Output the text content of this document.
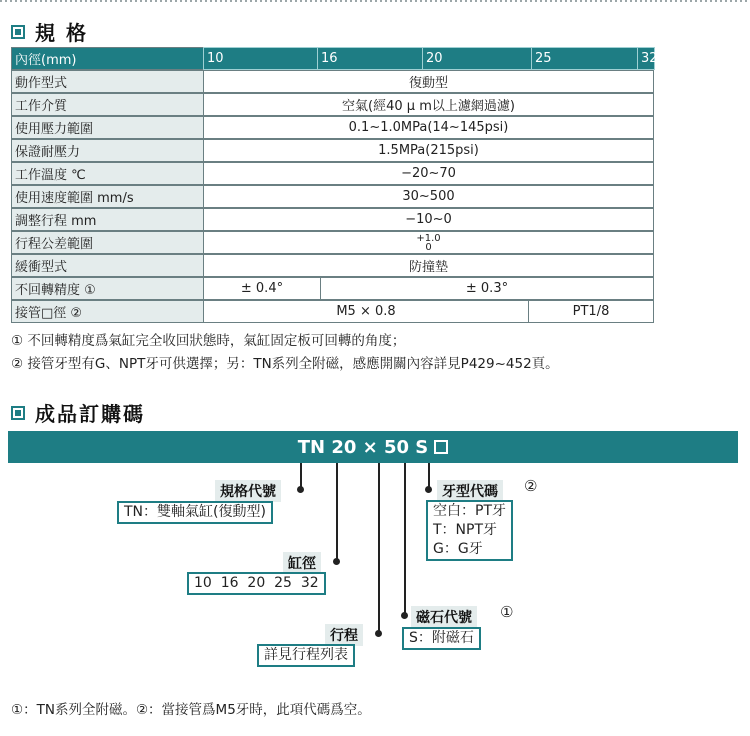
規 格
內徑(mm)	10	16	20	25	32
動作型式	復動型
工作介質	空氣(經40 μ m以上濾網過濾)
使用壓力範圍	0.1~1.0MPa(14~145psi)
保證耐壓力	1.5MPa(215psi)
工作溫度 ℃	−20~70
使用速度範圍 mm/s	30~500
調整行程 mm	−10~0
行程公差範圍	+1.0
0
緩衝型式	防撞墊
不回轉精度 ①	± 0.4°	± 0.3°
接管□徑 ②	M5 × 0.8	PT1/8
① 不回轉精度爲氣缸完全收回狀態時，氣缸固定板可回轉的角度；
② 接管牙型有G、NPT牙可供選擇；另：TN系列全附磁，感應開關內容詳見P429~452頁。
成品訂購碼
TN 20 × 50 S
規格代號
TN：雙軸氣缸(復動型)
缸徑
10  16  20  25  32
行程
詳見行程列表
磁石代號	①
S：附磁石
牙型代碼	②
空白：PT牙
T：NPT牙
G：G牙
①：TN系列全附磁。②：當接管爲M5牙時，此項代碼爲空。
